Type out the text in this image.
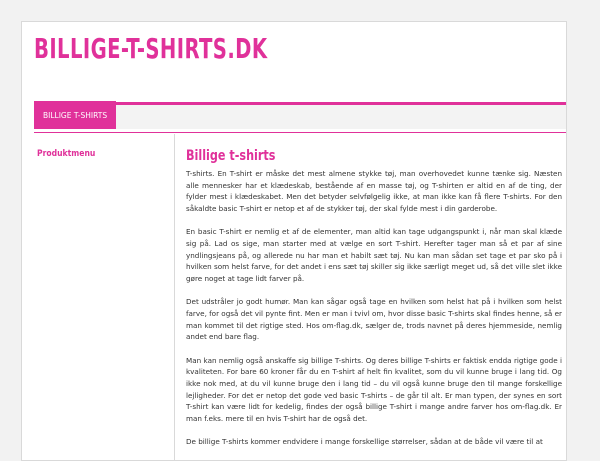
BILLIGE-T-SHIRTS.DK
BILLIGE T-SHIRTS
Produktmenu	Billige t-shirts

T-shirts. En T-shirt er måske det mest almene stykke tøj, man overhovedet kunne tænke sig. Næsten alle mennesker har et klædeskab, bestående af en masse tøj, og T-shirten er altid en af de ting, der fylder mest i klædeskabet. Men det betyder selvfølgelig ikke, at man ikke kan få flere T-shirts. For den såkaldte basic T-shirt er netop et af de stykker tøj, der skal fylde mest i din garderobe.

En basic T-shirt er nemlig et af de elementer, man altid kan tage udgangspunkt i, når man skal klæde sig på. Lad os sige, man starter med at vælge en sort T-shirt. Herefter tager man så et par af sine yndlingsjeans på, og allerede nu har man et habilt sæt tøj. Nu kan man sådan set tage et par sko på i hvilken som helst farve, for det andet i ens sæt tøj skiller sig ikke særligt meget ud, så det ville slet ikke gøre noget at tage lidt farver på.

Det udstråler jo godt humør. Man kan sågar også tage en hvilken som helst hat på i hvilken som helst farve, for også det vil pynte fint. Men er man i tvivl om, hvor disse basic T-shirts skal findes henne, så er man kommet til det rigtige sted. Hos om-flag.dk, sælger de, trods navnet på deres hjemmeside, nemlig andet end bare flag.

Man kan nemlig også anskaffe sig billige T-shirts. Og deres billige T-shirts er faktisk endda rigtige gode i kvaliteten. For bare 60 kroner får du en T-shirt af helt fin kvalitet, som du vil kunne bruge i lang tid. Og ikke nok med, at du vil kunne bruge den i lang tid – du vil også kunne bruge den til mange forskellige lejligheder. For det er netop det gode ved basic T-shirts – de går til alt. Er man typen, der synes en sort T-shirt kan være lidt for kedelig, findes der også billige T-shirt i mange andre farver hos om-flag.dk. Er man f.eks. mere til en hvis T-shirt har de også det.

De billige T-shirts kommer endvidere i mange forskellige størrelser, sådan at de både vil være til at
